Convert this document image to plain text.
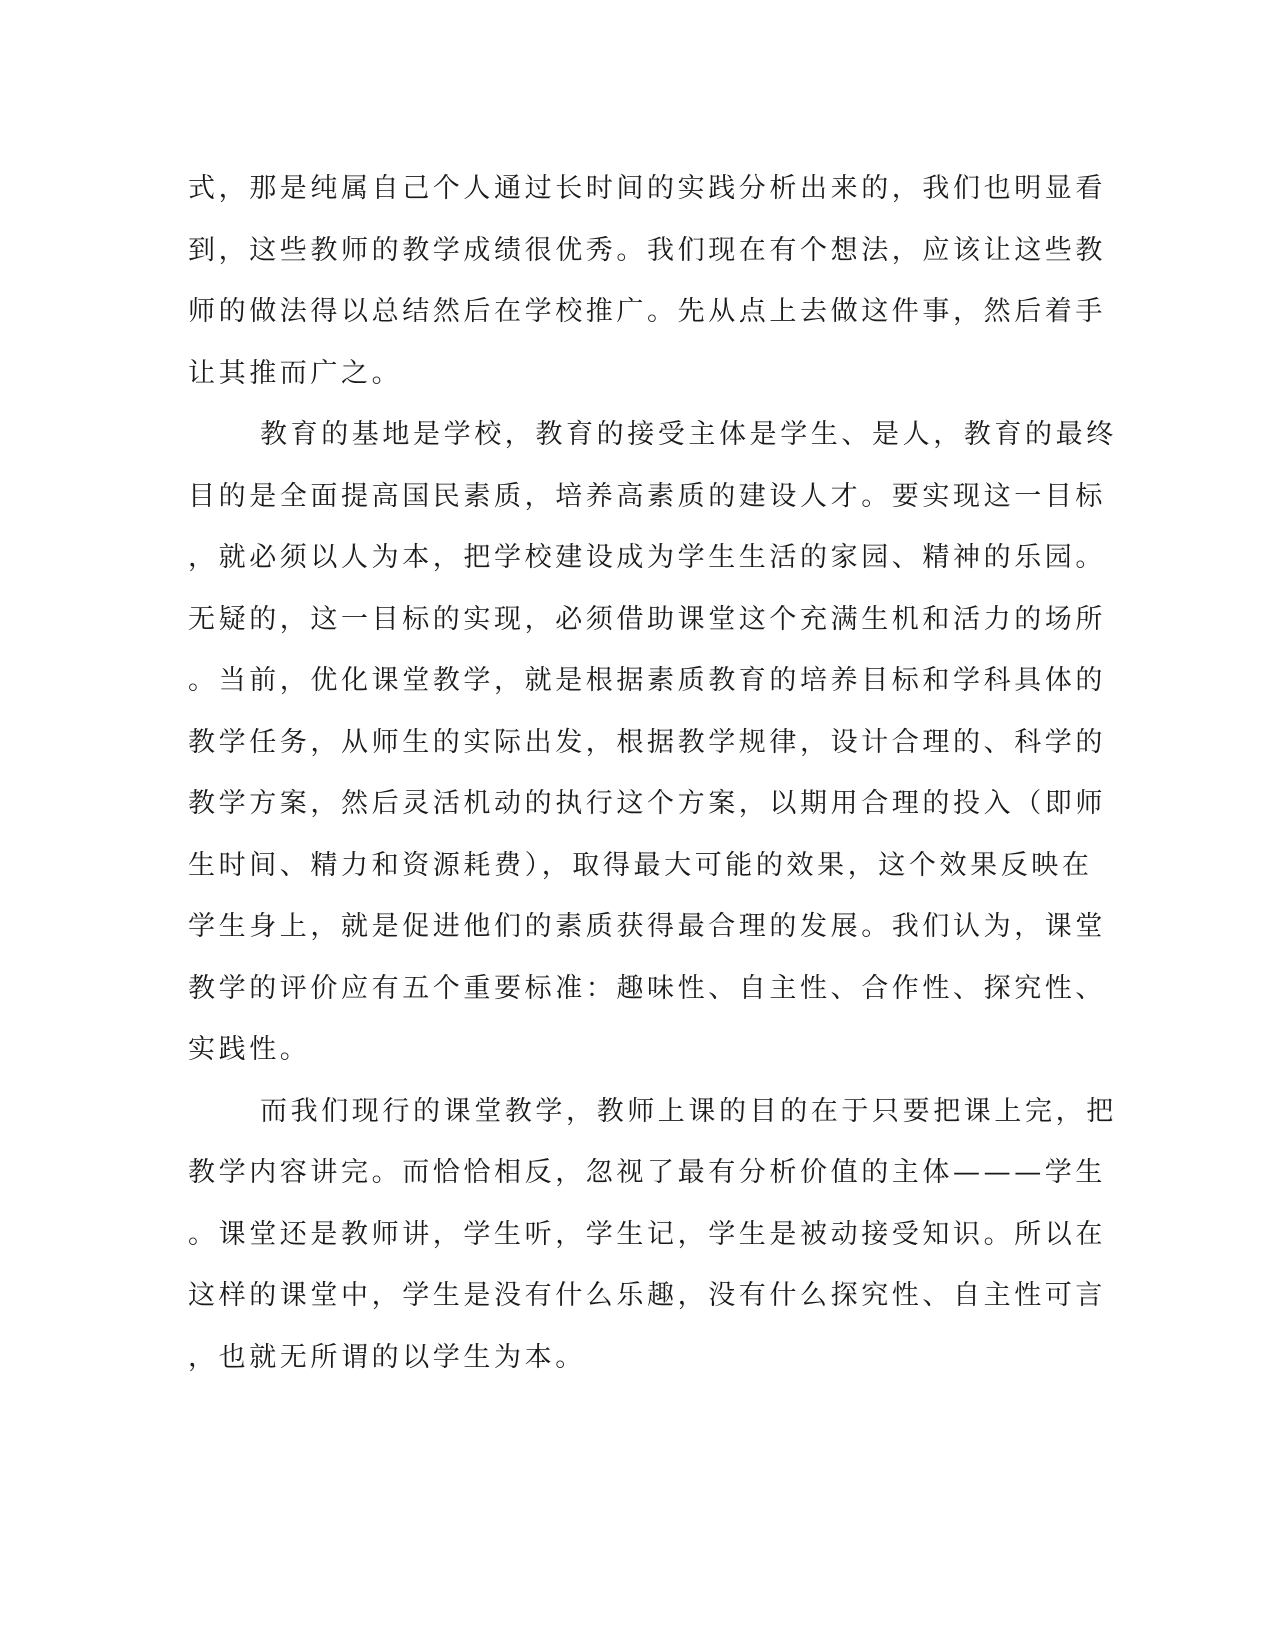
式，那是纯属自己个人通过长时间的实践分析出来的，我们也明显看
到，这些教师的教学成绩很优秀。我们现在有个想法，应该让这些教
师的做法得以总结然后在学校推广。先从点上去做这件事，然后着手
让其推而广之。
教育的基地是学校，教育的接受主体是学生、是人，教育的最终
目的是全面提高国民素质，培养高素质的建设人才。要实现这一目标
，就必须以人为本，把学校建设成为学生生活的家园、精神的乐园。
无疑的，这一目标的实现，必须借助课堂这个充满生机和活力的场所
。当前，优化课堂教学，就是根据素质教育的培养目标和学科具体的
教学任务，从师生的实际出发，根据教学规律，设计合理的、科学的
教学方案，然后灵活机动的执行这个方案，以期用合理的投入（即师
生时间、精力和资源耗费），取得最大可能的效果，这个效果反映在
学生身上，就是促进他们的素质获得最合理的发展。我们认为，课堂
教学的评价应有五个重要标准：趣味性、自主性、合作性、探究性、
实践性。
而我们现行的课堂教学，教师上课的目的在于只要把课上完，把
教学内容讲完。而恰恰相反，忽视了最有分析价值的主体———学生
。课堂还是教师讲，学生听，学生记，学生是被动接受知识。所以在
这样的课堂中，学生是没有什么乐趣，没有什么探究性、自主性可言
，也就无所谓的以学生为本。
